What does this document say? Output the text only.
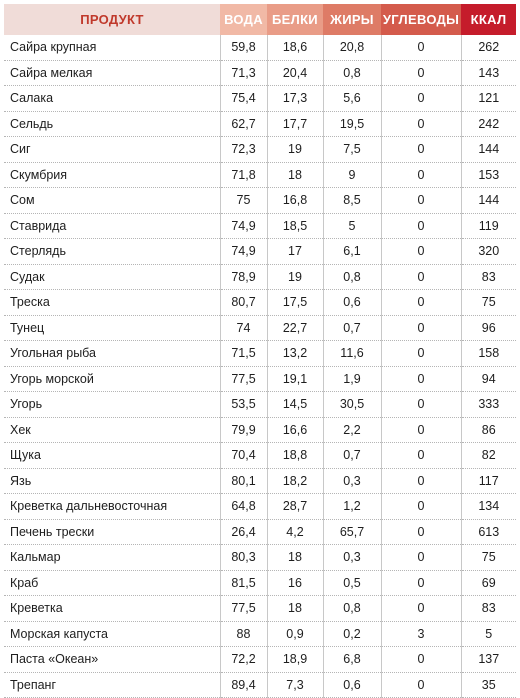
ПРОДУКТ	ВОДА	БЕЛКИ	ЖИРЫ	УГЛЕВОДЫ	ККАЛ
Сайра крупная	59,8	18,6	20,8	0	262
Сайра мелкая	71,3	20,4	0,8	0	143
Салака	75,4	17,3	5,6	0	121
Сельдь	62,7	17,7	19,5	0	242
Сиг	72,3	19	7,5	0	144
Скумбрия	71,8	18	9	0	153
Сом	75	16,8	8,5	0	144
Ставрида	74,9	18,5	5	0	119
Стерлядь	74,9	17	6,1	0	320
Судак	78,9	19	0,8	0	83
Треска	80,7	17,5	0,6	0	75
Тунец	74	22,7	0,7	0	96
Угольная рыба	71,5	13,2	11,6	0	158
Угорь морской	77,5	19,1	1,9	0	94
Угорь	53,5	14,5	30,5	0	333
Хек	79,9	16,6	2,2	0	86
Щука	70,4	18,8	0,7	0	82
Язь	80,1	18,2	0,3	0	117
Креветка дальневосточная	64,8	28,7	1,2	0	134
Печень трески	26,4	4,2	65,7	0	613
Кальмар	80,3	18	0,3	0	75
Краб	81,5	16	0,5	0	69
Креветка	77,5	18	0,8	0	83
Морская капуста	88	0,9	0,2	3	5
Паста «Океан»	72,2	18,9	6,8	0	137
Трепанг	89,4	7,3	0,6	0	35
